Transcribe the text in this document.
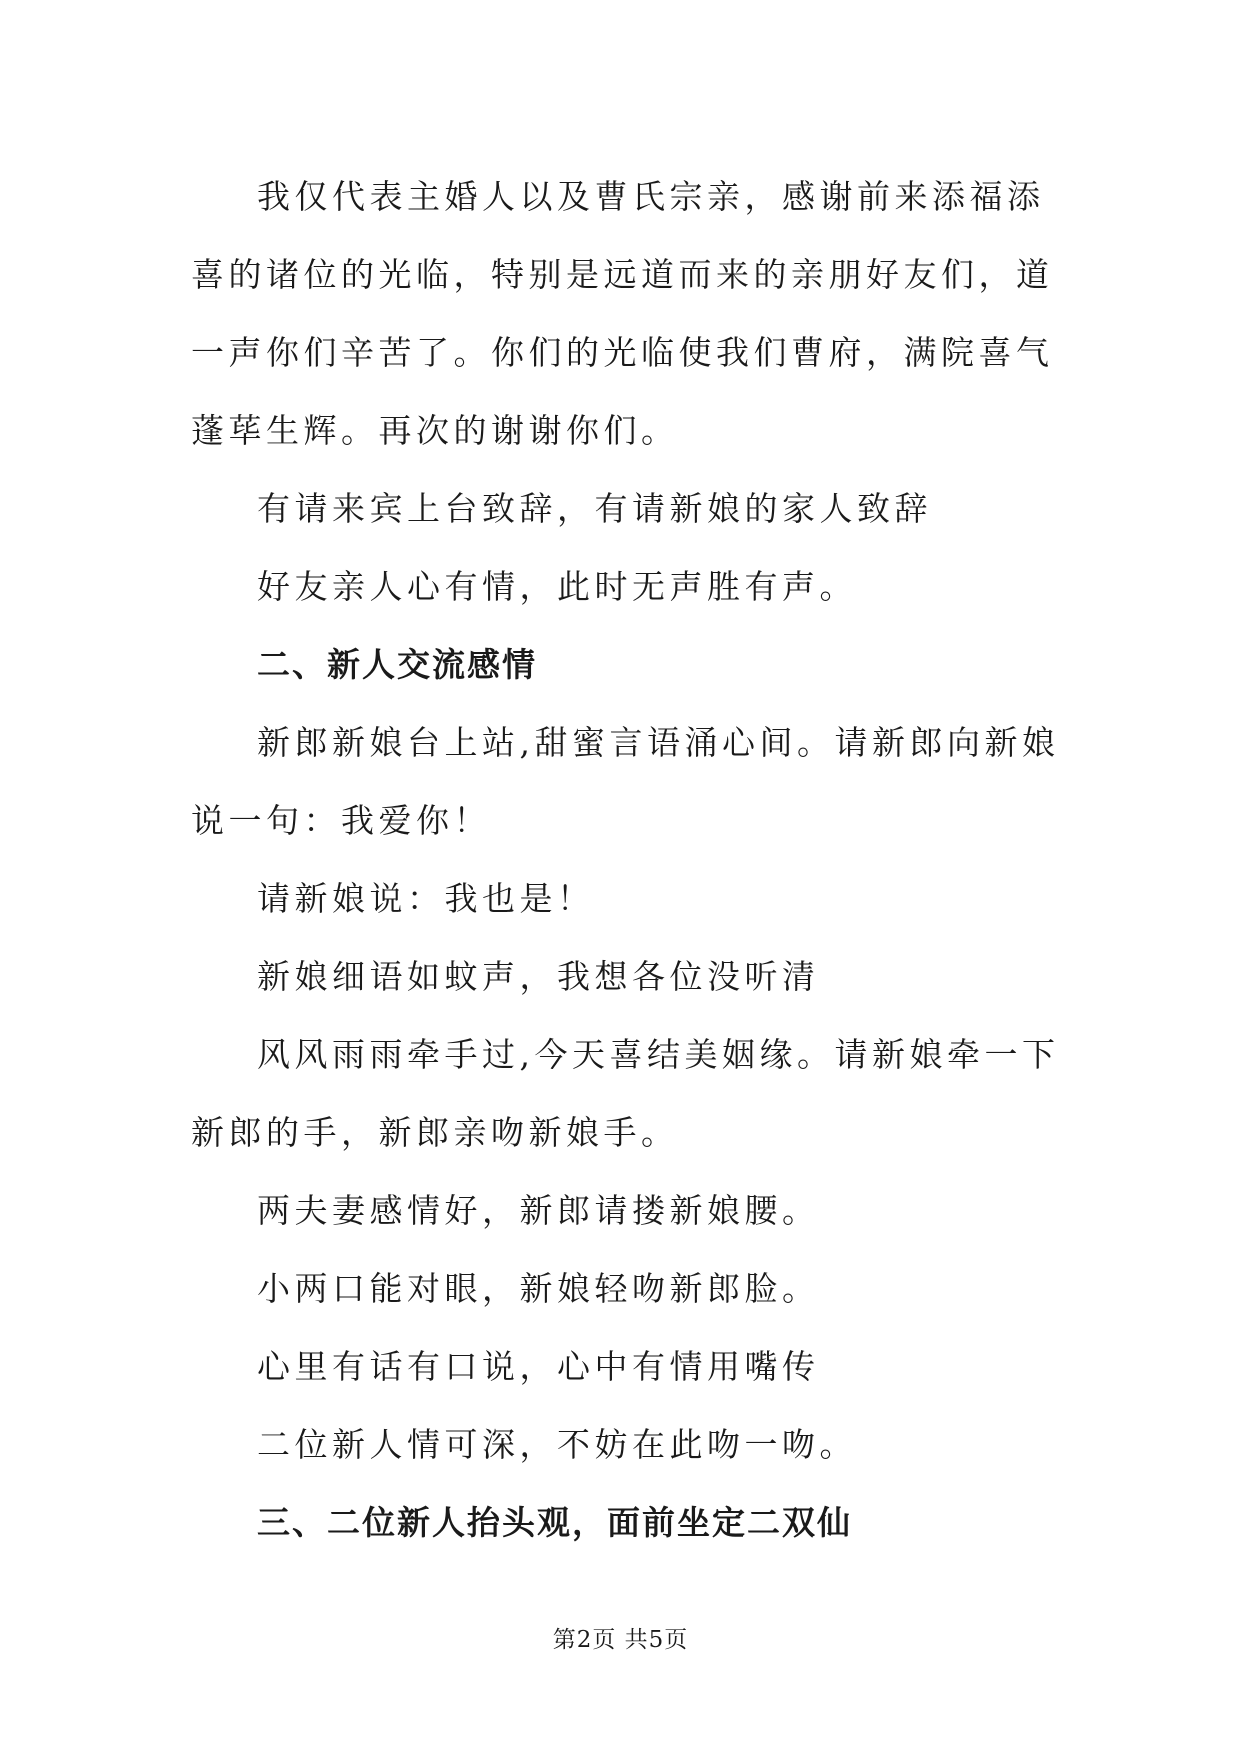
我仅代表主婚人以及曹氏宗亲，感谢前来添福添喜的诸位的光临，特别是远道而来的亲朋好友们，道一声你们辛苦了。你们的光临使我们曹府，满院喜气蓬荜生辉。再次的谢谢你们。

有请来宾上台致辞，有请新娘的家人致辞

好友亲人心有情，此时无声胜有声。

二、新人交流感情

新郎新娘台上站,甜蜜言语涌心间。请新郎向新娘说一句：我爱你！

请新娘说：我也是！

新娘细语如蚊声，我想各位没听清

风风雨雨牵手过,今天喜结美姻缘。请新娘牵一下新郎的手，新郎亲吻新娘手。

两夫妻感情好，新郎请搂新娘腰。

小两口能对眼，新娘轻吻新郎脸。

心里有话有口说，心中有情用嘴传

二位新人情可深，不妨在此吻一吻。

三、二位新人抬头观，面前坐定二双仙

第2页 共5页
